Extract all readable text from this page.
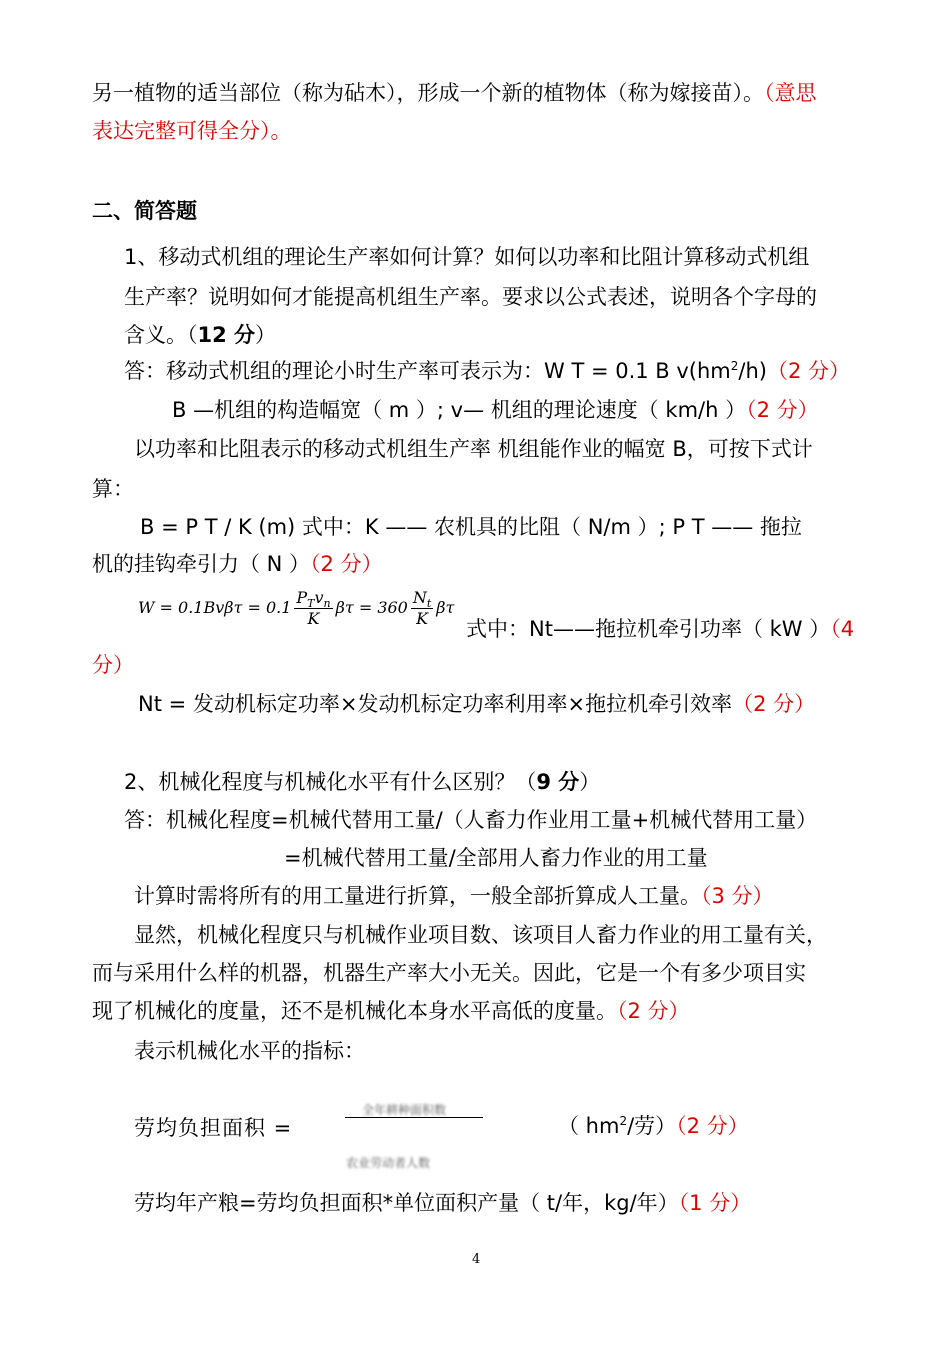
另一植物的适当部位（称为砧木），形成一个新的植物体（称为嫁接苗）。（意思
表达完整可得全分）。
二、简答题
1、移动式机组的理论生产率如何计算？如何以功率和比阻计算移动式机组
生产率？说明如何才能提高机组生产率。要求以公式表述，说明各个字母的
含义。（12 分）
答：移动式机组的理论小时生产率可表示为：W T = 0.1 B $v(hm^2/h)(2$ 分）
B —机组的构造幅宽（ m ）; v— 机组的理论速度（ km/h ）（2 分）
以功率和比阻表示的移动式机组生产率 机组能作业的幅宽 B，可按下式计
算：
B = P T / K (m) 式中：K —— 农机具的比阻（ N/m ）; P T —— 拖拉
机的挂钩牵引力（ N ）（2 分）
$W = 0.1Bv\beta\tau = 0.1 \frac{P_Tv_n}{K}$ $\beta\tau = 360 \frac{N_t}{K}$ βτ
式中：Nt——拖拉机牵引功率（ kW ）（4
分）
Nt = 发动机标定功率×发动机标定功率利用率×拖拉机牵引效率（2 分）
2、机械化程度与机械化水平有什么区别？（9 分）
答：机械化程度=机械代替用工量/（人畜力作业用工量+机械代替用工量）
=机械代替用工量/全部用人畜力作业的用工量
计算时需将所有的用工量进行折算，一般全部折算成人工量。（3 分）
显然，机械化程度只与机械作业项目数、该项目人畜力作业的用工量有关，
而与采用什么样的机器，机器生产率大小无关。因此，它是一个有多少项目实
现了机械化的度量，还不是机械化本身水平高低的度量。（2 分）
表示机械化水平的指标：
劳均负担面积 =
全年耕种面积数
农业劳动者人数
（ $hm^2/$劳）（2 分）
劳均年产粮=劳均负担面积*单位面积产量（ t/年，kg/年）（1 分）
4
